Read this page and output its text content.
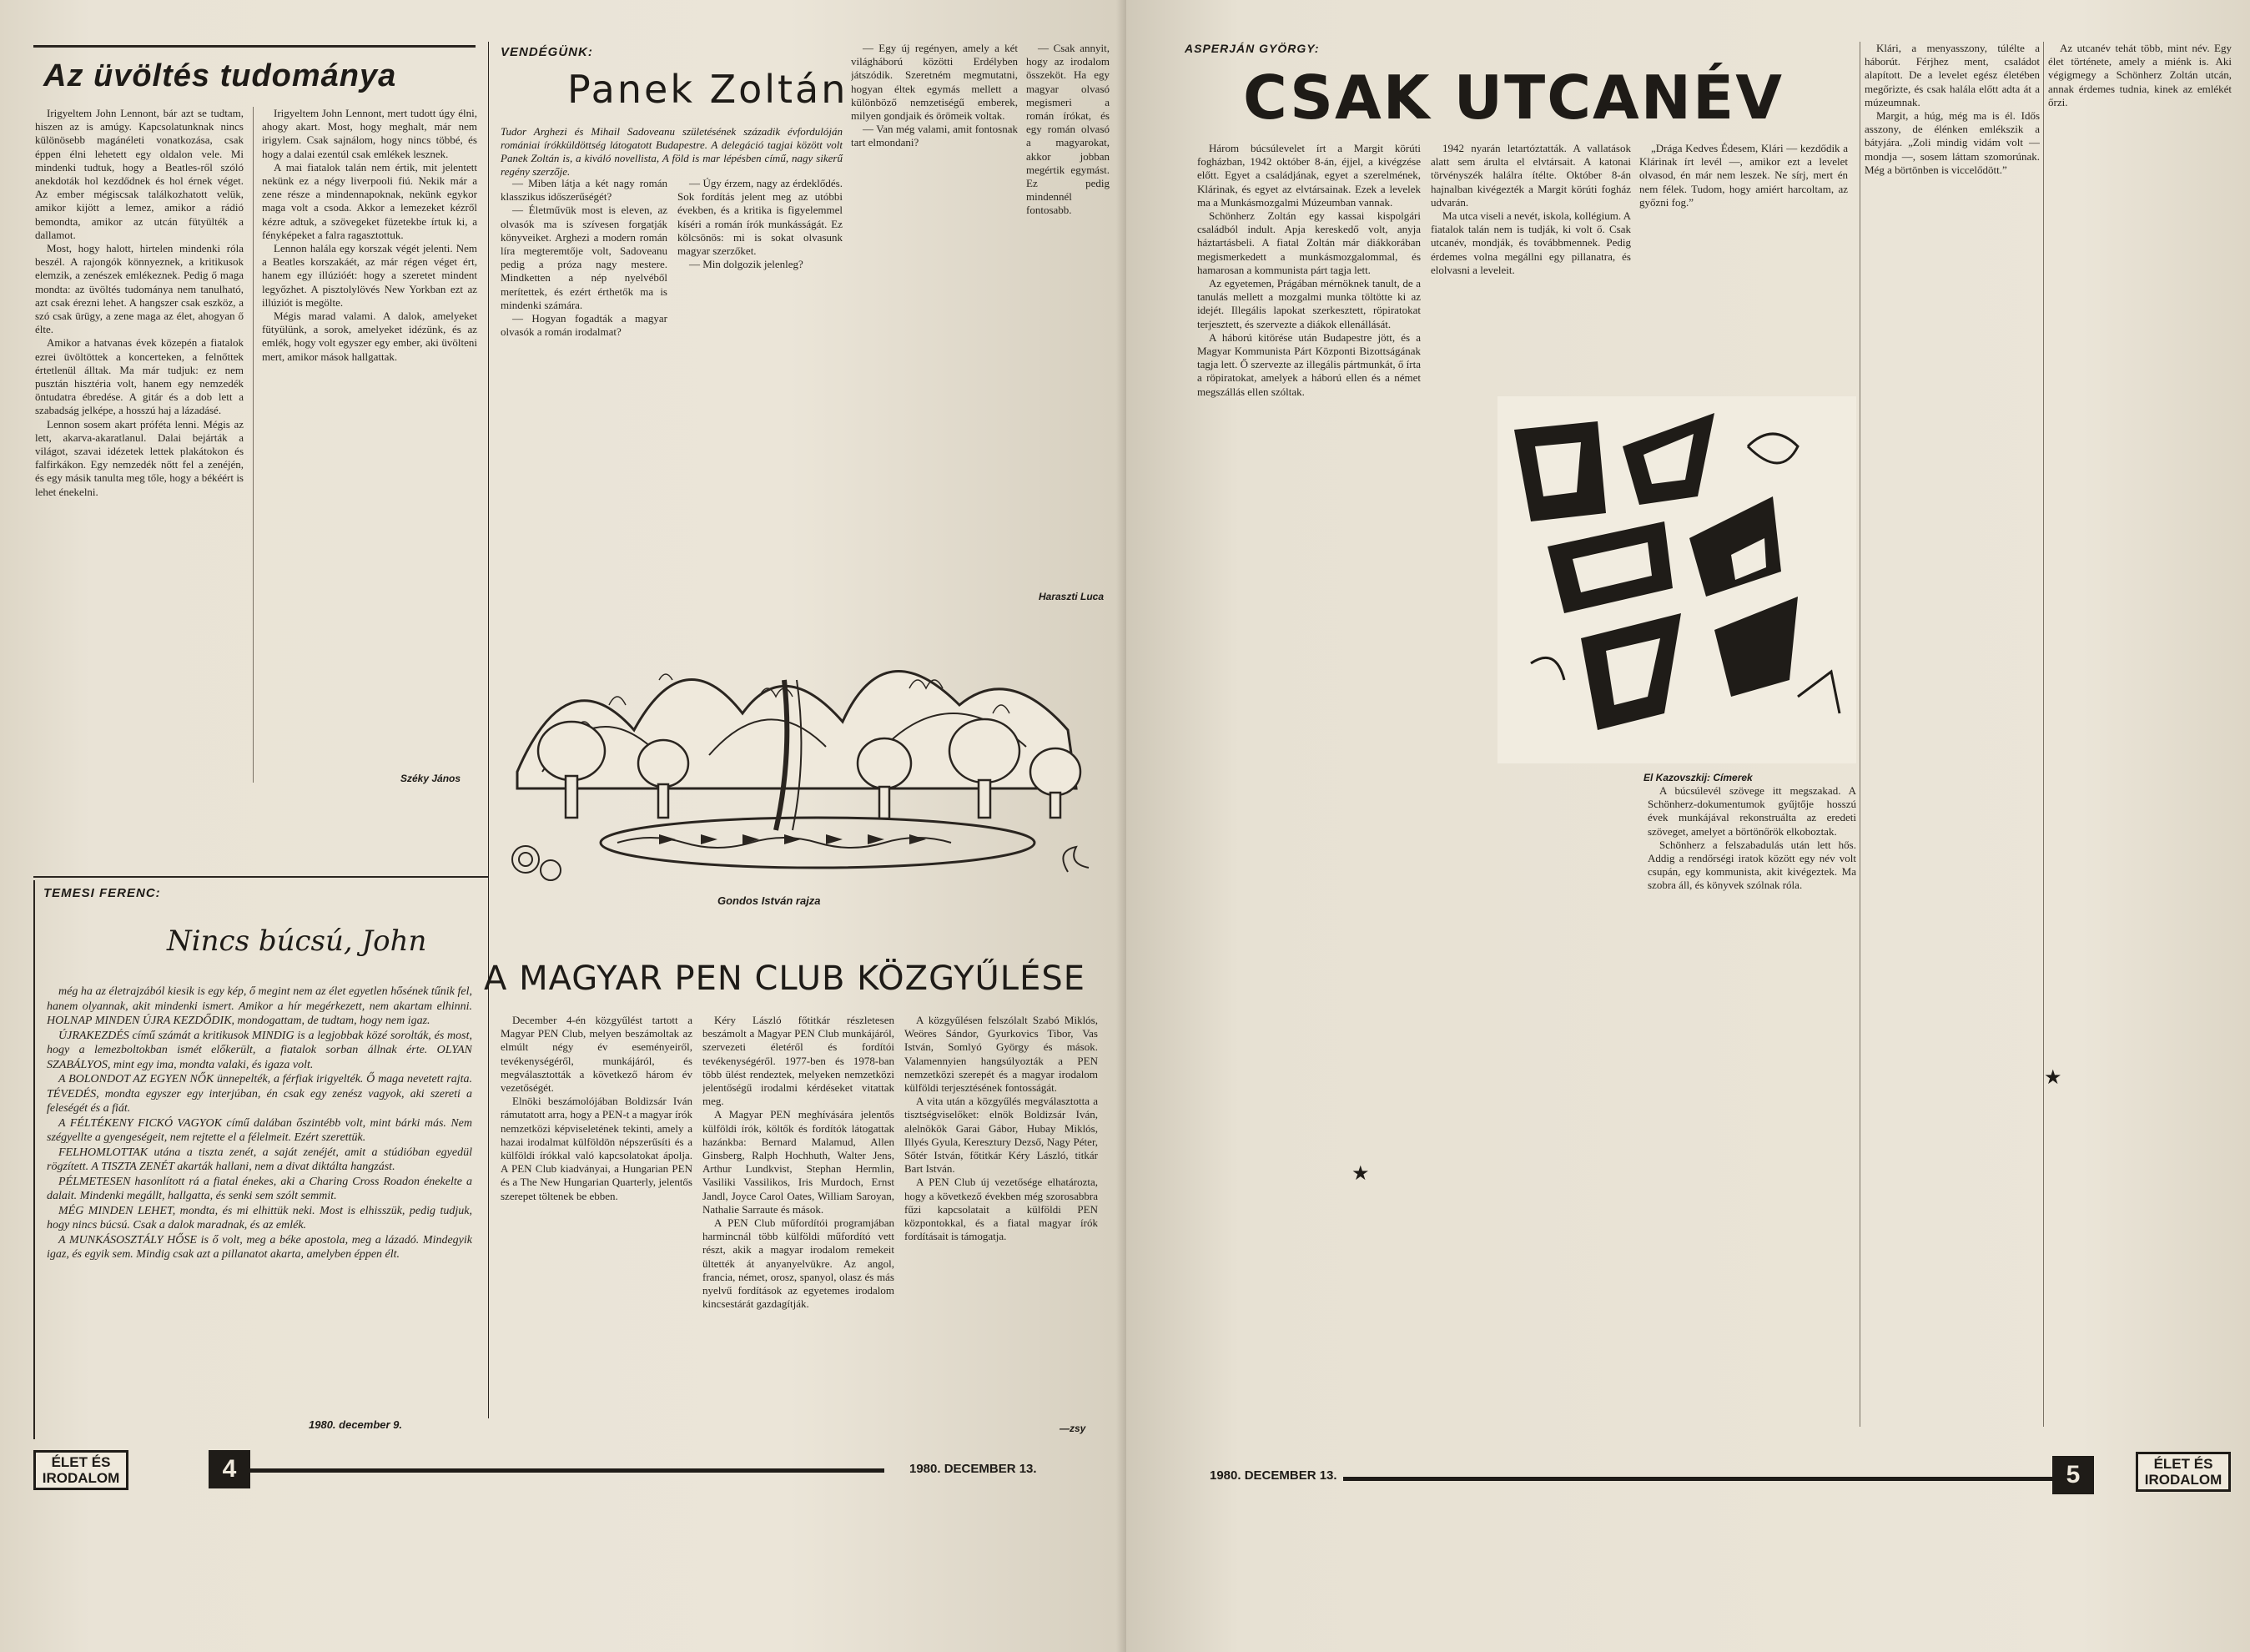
Az üvöltés tudománya

Irigyeltem John Lennont, bár azt se tudtam, hiszen az is amúgy. Kapcsolatunknak nincs különösebb magánéleti vonatkozása, csak éppen élni lehetett egy oldalon vele. Mi mindenki tudtuk, hogy a Beatles-ről szóló anekdoták hol kezdődnek és hol érnek véget. Az ember mégiscsak találkozhatott velük, amikor kijött a lemez, amikor a rádió bemondta, amikor az utcán fütyülték a dallamot.

Most, hogy halott, hirtelen mindenki róla beszél. A rajongók könnyeznek, a kritikusok elemzik, a zenészek emlékeznek. Pedig ő maga mondta: az üvöltés tudománya nem tanulható, azt csak érezni lehet. A hangszer csak eszköz, a szó csak ürügy, a zene maga az élet, ahogyan ő élte.

Amikor a hatvanas évek közepén a fiatalok ezrei üvöltöttek a koncerteken, a felnőttek értetlenül álltak. Ma már tudjuk: ez nem pusztán hisztéria volt, hanem egy nemzedék öntudatra ébredése. A gitár és a dob lett a szabadság jelképe, a hosszú haj a lázadásé.

Lennon sosem akart próféta lenni. Mégis az lett, akarva-akaratlanul. Dalai bejárták a világot, szavai idézetek lettek plakátokon és falfirkákon. Egy nemzedék nőtt fel a zenéjén, és egy másik tanulta meg tőle, hogy a békéért is lehet énekelni.

Irigyeltem John Lennont, mert tudott úgy élni, ahogy akart. Most, hogy meghalt, már nem irigylem. Csak sajnálom, hogy nincs többé, és hogy a dalai ezentúl csak emlékek lesznek.

A mai fiatalok talán nem értik, mit jelentett nekünk ez a négy liverpooli fiú. Nekik már a zene része a mindennapoknak, nekünk egykor maga volt a csoda. Akkor a lemezeket kézről kézre adtuk, a szövegeket füzetekbe írtuk ki, a fényképeket a falra ragasztottuk.

Lennon halála egy korszak végét jelenti. Nem a Beatles korszakáét, az már régen véget ért, hanem egy illúzióét: hogy a szeretet mindent legyőzhet. A pisztolylövés New Yorkban ezt az illúziót is megölte.

Mégis marad valami. A dalok, amelyeket fütyülünk, a sorok, amelyeket idézünk, és az emlék, hogy volt egyszer egy ember, aki üvölteni mert, amikor mások hallgattak.

Széky János
VENDÉGÜNK:
Panek Zoltán
Tudor Arghezi és Mihail Sadoveanu születésének századik évfordulóján romániai írókküldöttség látogatott Budapestre. A delegáció tagjai között volt Panek Zoltán is, a kiváló novellista, A föld is mar lépésben című, nagy sikerű regény szerzője.

— Miben látja a két nagy román klasszikus időszerűségét?

— Életművük most is eleven, az olvasók ma is szívesen forgatják könyveiket. Arghezi a modern román líra megteremtője volt, Sadoveanu pedig a próza nagy mestere. Mindketten a nép nyelvéből merítettek, és ezért érthetők ma is mindenki számára.

— Hogyan fogadták a magyar olvasók a román irodalmat?

— Úgy érzem, nagy az érdeklődés. Sok fordítás jelent meg az utóbbi években, és a kritika is figyelemmel kíséri a román írók munkásságát. Ez kölcsönös: mi is sokat olvasunk magyar szerzőket.

— Min dolgozik jelenleg?

— Egy új regényen, amely a két világháború közötti Erdélyben játszódik. Szeretném megmutatni, hogyan éltek egymás mellett a különböző nemzetiségű emberek, milyen gondjaik és örömeik voltak.

— Van még valami, amit fontosnak tart elmondani?

— Csak annyit, hogy az irodalom összeköt. Ha egy magyar olvasó megismeri a román írókat, és egy román olvasó a magyarokat, akkor jobban megértik egymást. Ez pedig mindennél fontosabb.

Haraszti Luca
Gondos István rajza
TEMESI FERENC:
Nincs búcsú, John

még ha az életrajzából kiesik is egy kép, ő megint nem az élet egyetlen hősének tűnik fel, hanem olyannak, akit mindenki ismert. Amikor a hír megérkezett, nem akartam elhinni. HOLNAP MINDEN ÚJRA KEZDŐDIK, mondogattam, de tudtam, hogy nem igaz.

ÚJRAKEZDÉS című számát a kritikusok MINDIG is a legjobbak közé sorolták, és most, hogy a lemezboltokban ismét előkerült, a fiatalok sorban állnak érte. OLYAN SZABÁLYOS, mint egy ima, mondta valaki, és igaza volt.

A BOLONDOT AZ EGYEN NŐK ünnepelték, a férfiak irigyelték. Ő maga nevetett rajta. TÉVEDÉS, mondta egyszer egy interjúban, én csak egy zenész vagyok, aki szereti a feleségét és a fiát.

A FÉLTÉKENY FICKÓ VAGYOK című dalában őszintébb volt, mint bárki más. Nem szégyellte a gyengeségeit, nem rejtette el a félelmeit. Ezért szerettük.

FELHOMLOTTAK utána a tiszta zenét, a saját zenéjét, amit a stúdióban egyedül rögzített. A TISZTA ZENÉT akarták hallani, nem a divat diktálta hangzást.

PÉLMETESEN hasonlított rá a fiatal énekes, aki a Charing Cross Roadon énekelte a dalait. Mindenki megállt, hallgatta, és senki sem szólt semmit.

MÉG MINDEN LEHET, mondta, és mi elhittük neki. Most is elhisszük, pedig tudjuk, hogy nincs búcsú. Csak a dalok maradnak, és az emlék.

A MUNKÁSOSZTÁLY HŐSE is ő volt, meg a béke apostola, meg a lázadó. Mindegyik igaz, és egyik sem. Mindig csak azt a pillanatot akarta, amelyben éppen élt.

1980. december 9.
A MAGYAR PEN CLUB KÖZGYŰLÉSE

December 4-én közgyűlést tartott a Magyar PEN Club, melyen beszámoltak az elmúlt négy év eseményeiről, tevékenységéről, munkájáról, és megválasztották a következő három év vezetőségét.

Elnöki beszámolójában Boldizsár Iván rámutatott arra, hogy a PEN-t a magyar írók nemzetközi képviseletének tekinti, amely a hazai irodalmat külföldön népszerűsíti és a külföldi írókkal való kapcsolatokat ápolja. A PEN Club kiadványai, a Hungarian PEN és a The New Hungarian Quarterly, jelentős szerepet töltenek be ebben.

Kéry László főtitkár részletesen beszámolt a Magyar PEN Club munkájáról, szervezeti életéről és fordítói tevékenységéről. 1977-ben és 1978-ban több ülést rendeztek, melyeken nemzetközi jelentőségű irodalmi kérdéseket vitattak meg.

A Magyar PEN meghívására jelentős külföldi írók, költők és fordítók látogattak hazánkba: Bernard Malamud, Allen Ginsberg, Ralph Hochhuth, Walter Jens, Arthur Lundkvist, Stephan Hermlin, Vasiliki Vassilikos, Iris Murdoch, Ernst Jandl, Joyce Carol Oates, William Saroyan, Nathalie Sarraute és mások.

A PEN Club műfordítói programjában harmincnál több külföldi műfordító vett részt, akik a magyar irodalom remekeit ültették át anyanyelvükre. Az angol, francia, német, orosz, spanyol, olasz és más nyelvű fordítások az egyetemes irodalom kincsestárát gazdagítják.

A közgyűlésen felszólalt Szabó Miklós, Weöres Sándor, Gyurkovics Tibor, Vas István, Somlyó György és mások. Valamennyien hangsúlyozták a PEN nemzetközi szerepét és a magyar irodalom külföldi terjesztésének fontosságát.

A vita után a közgyűlés megválasztotta a tisztségviselőket: elnök Boldizsár Iván, alelnökök Garai Gábor, Hubay Miklós, Illyés Gyula, Keresztury Dezső, Nagy Péter, Sőtér István, főtitkár Kéry László, titkár Bart István.

A PEN Club új vezetősége elhatározta, hogy a következő években még szorosabbra fűzi kapcsolatait a külföldi PEN központokkal, és a fiatal magyar írók fordításait is támogatja.

—zsy
ÉLET ÉS IRODALOM	4	1980. DECEMBER 13.
ASPERJÁN GYÖRGY:
CSAK UTCANÉV

Három búcsúlevelet írt a Margit körúti fogházban, 1942 október 8-án, éjjel, a kivégzése előtt. Egyet a családjának, egyet a szerelmének, Klárinak, és egyet az elvtársainak. Ezek a levelek ma a Munkásmozgalmi Múzeumban vannak.

Schönherz Zoltán egy kassai kispolgári családból indult. Apja kereskedő volt, anyja háztartásbeli. A fiatal Zoltán már diákkorában megismerkedett a munkásmozgalommal, és hamarosan a kommunista párt tagja lett.

Az egyetemen, Prágában mérnöknek tanult, de a tanulás mellett a mozgalmi munka töltötte ki az idejét. Illegális lapokat szerkesztett, röpiratokat terjesztett, és szervezte a diákok ellenállását.

A háború kitörése után Budapestre jött, és a Magyar Kommunista Párt Központi Bizottságának tagja lett. Ő szervezte az illegális pártmunkát, ő írta a röpiratokat, amelyek a háború ellen és a német megszállás ellen szóltak.

★

1942 nyarán letartóztatták. A vallatások alatt sem árulta el elvtársait. A katonai törvényszék halálra ítélte. Október 8-án hajnalban kivégezték a Margit körúti fogház udvarán.

Ma utca viseli a nevét, iskola, kollégium. A fiatalok talán nem is tudják, ki volt ő. Csak utcanév, mondják, és továbbmennek. Pedig érdemes volna megállni egy pillanatra, és elolvasni a leveleit.

„Drága Kedves Édesem, Klári — kezdődik a Klárinak írt levél —, amikor ezt a levelet olvasod, én már nem leszek. Ne sírj, mert én nem félek. Tudom, hogy amiért harcoltam, az győzni fog.”

A búcsúlevél szövege itt megszakad. A Schönherz-dokumentumok gyűjtője hosszú évek munkájával rekonstruálta az eredeti szöveget, amelyet a börtönőrök elkoboztak.

Schönherz a felszabadulás után lett hős. Addig a rendőrségi iratok között egy név volt csupán, egy kommunista, akit kivégeztek. Ma szobra áll, és könyvek szólnak róla.

Klári, a menyasszony, túlélte a háborút. Férjhez ment, családot alapított. De a levelet egész életében megőrizte, és csak halála előtt adta át a múzeumnak.

Margit, a húg, még ma is él. Idős asszony, de élénken emlékszik a bátyjára. „Zoli mindig vidám volt — mondja —, sosem láttam szomorúnak. Még a börtönben is viccelődött.”

★

Az utcanév tehát több, mint név. Egy élet története, amely a miénk is. Aki végigmegy a Schönherz Zoltán utcán, annak érdemes tudnia, kinek az emlékét őrzi.

El Kazovszkij: Címerek
1980. DECEMBER 13.	5	ÉLET ÉS IRODALOM
